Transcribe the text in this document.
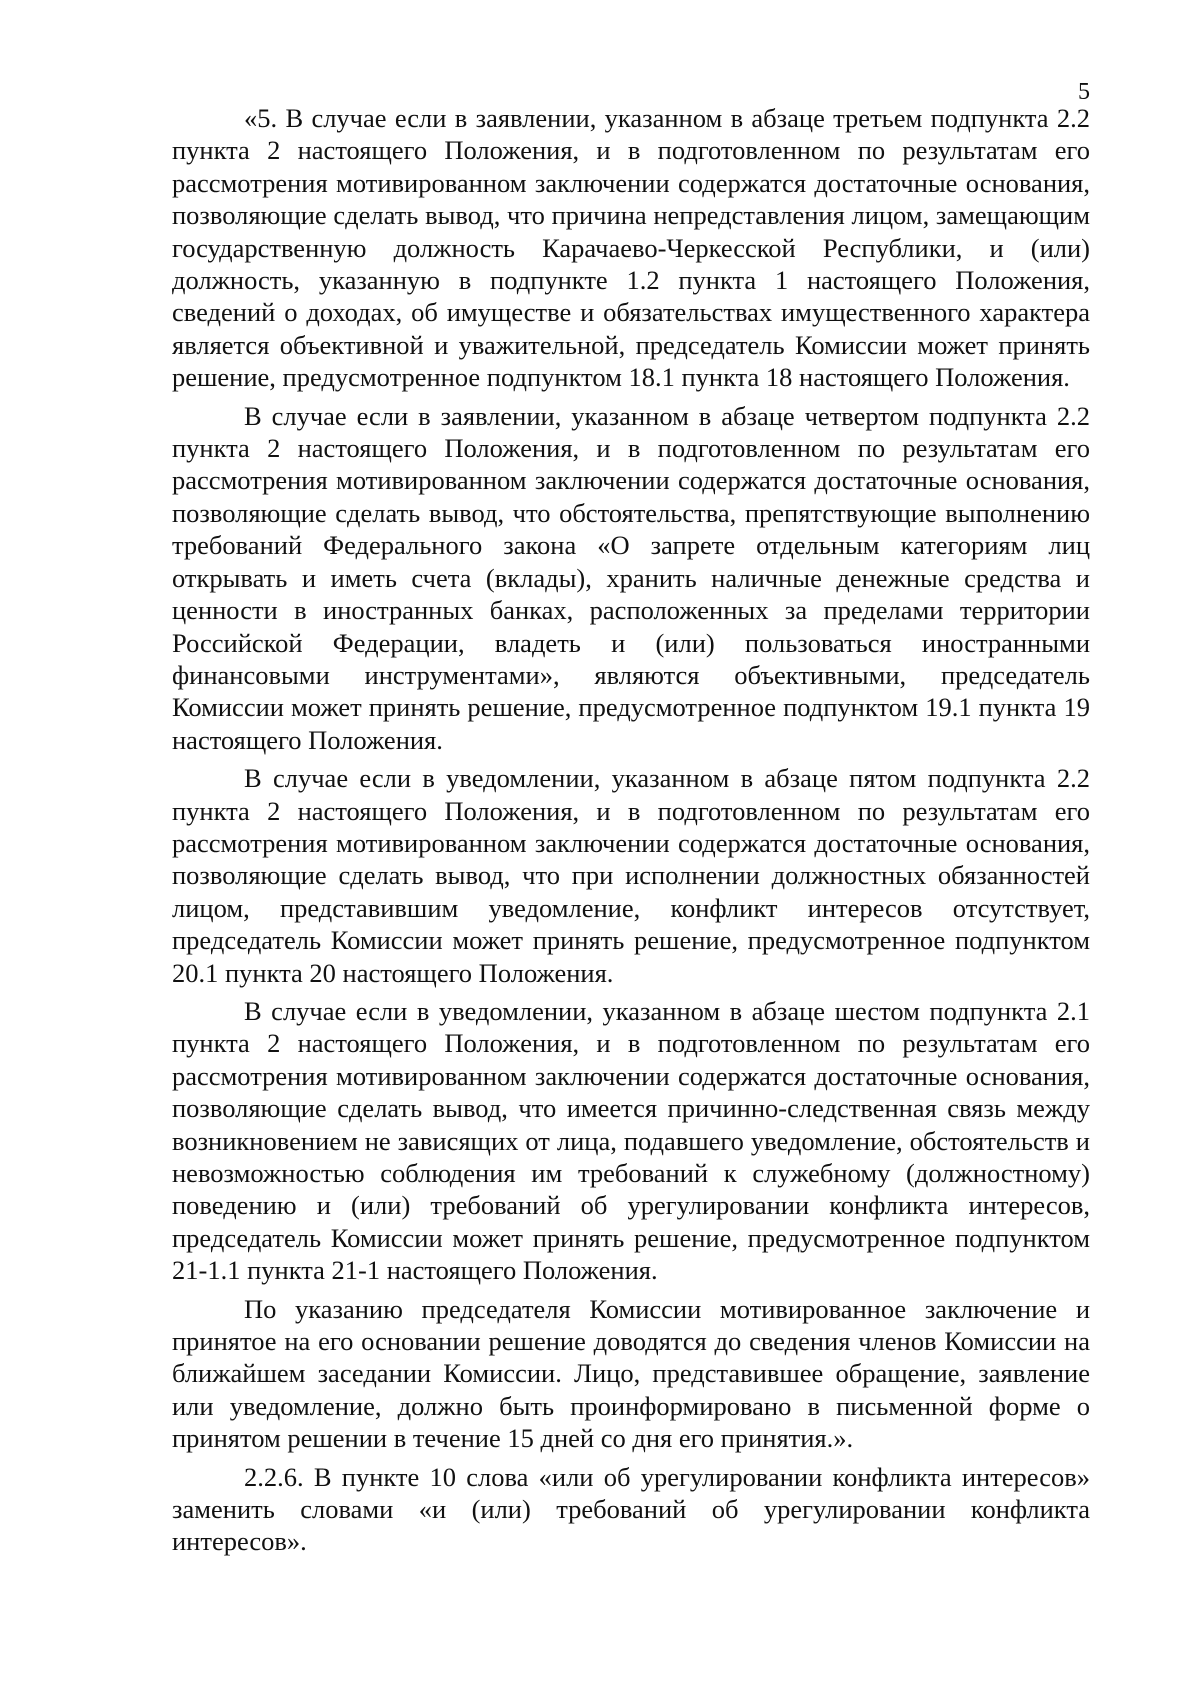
5

«5. В случае если в заявлении, указанном в абзаце третьем подпункта 2.2 пункта 2 настоящего Положения, и в подготовленном по результатам его рассмотрения мотивированном заключении содержатся достаточные основания, позволяющие сделать вывод, что причина непредставления лицом, замещающим государственную должность Карачаево-Черкесской Республики, и (или) должность, указанную в подпункте 1.2 пункта 1 настоящего Положения, сведений о доходах, об имуществе и обязательствах имущественного характера является объективной и уважительной, председатель Комиссии может принять решение, предусмотренное подпунктом 18.1 пункта 18 настоящего Положения.

В случае если в заявлении, указанном в абзаце четвертом подпункта 2.2 пункта 2 настоящего Положения, и в подготовленном по результатам его рассмотрения мотивированном заключении содержатся достаточные основания, позволяющие сделать вывод, что обстоятельства, препятствующие выполнению требований Федерального закона «О запрете отдельным категориям лиц открывать и иметь счета (вклады), хранить наличные денежные средства и ценности в иностранных банках, расположенных за пределами территории Российской Федерации, владеть и (или) пользоваться иностранными финансовыми инструментами», являются объективными, председатель Комиссии может принять решение, предусмотренное подпунктом 19.1 пункта 19 настоящего Положения.

В случае если в уведомлении, указанном в абзаце пятом подпункта 2.2 пункта 2 настоящего Положения, и в подготовленном по результатам его рассмотрения мотивированном заключении содержатся достаточные основания, позволяющие сделать вывод, что при исполнении должностных обязанностей лицом, представившим уведомление, конфликт интересов отсутствует, председатель Комиссии может принять решение, предусмотренное подпунктом 20.1 пункта 20 настоящего Положения.

В случае если в уведомлении, указанном в абзаце шестом подпункта 2.1 пункта 2 настоящего Положения, и в подготовленном по результатам его рассмотрения мотивированном заключении содержатся достаточные основания, позволяющие сделать вывод, что имеется причинно-следственная связь между возникновением не зависящих от лица, подавшего уведомление, обстоятельств и невозможностью соблюдения им требований к служебному (должностному) поведению и (или) требований об урегулировании конфликта интересов, председатель Комиссии может принять решение, предусмотренное подпунктом 21-1.1 пункта 21-1 настоящего Положения.

По указанию председателя Комиссии мотивированное заключение и принятое на его основании решение доводятся до сведения членов Комиссии на ближайшем заседании Комиссии. Лицо, представившее обращение, заявление или уведомление, должно быть проинформировано в письменной форме о принятом решении в течение 15 дней со дня его принятия.».

2.2.6. В пункте 10 слова «или об урегулировании конфликта интересов» заменить словами «и (или) требований об урегулировании конфликта интересов».
